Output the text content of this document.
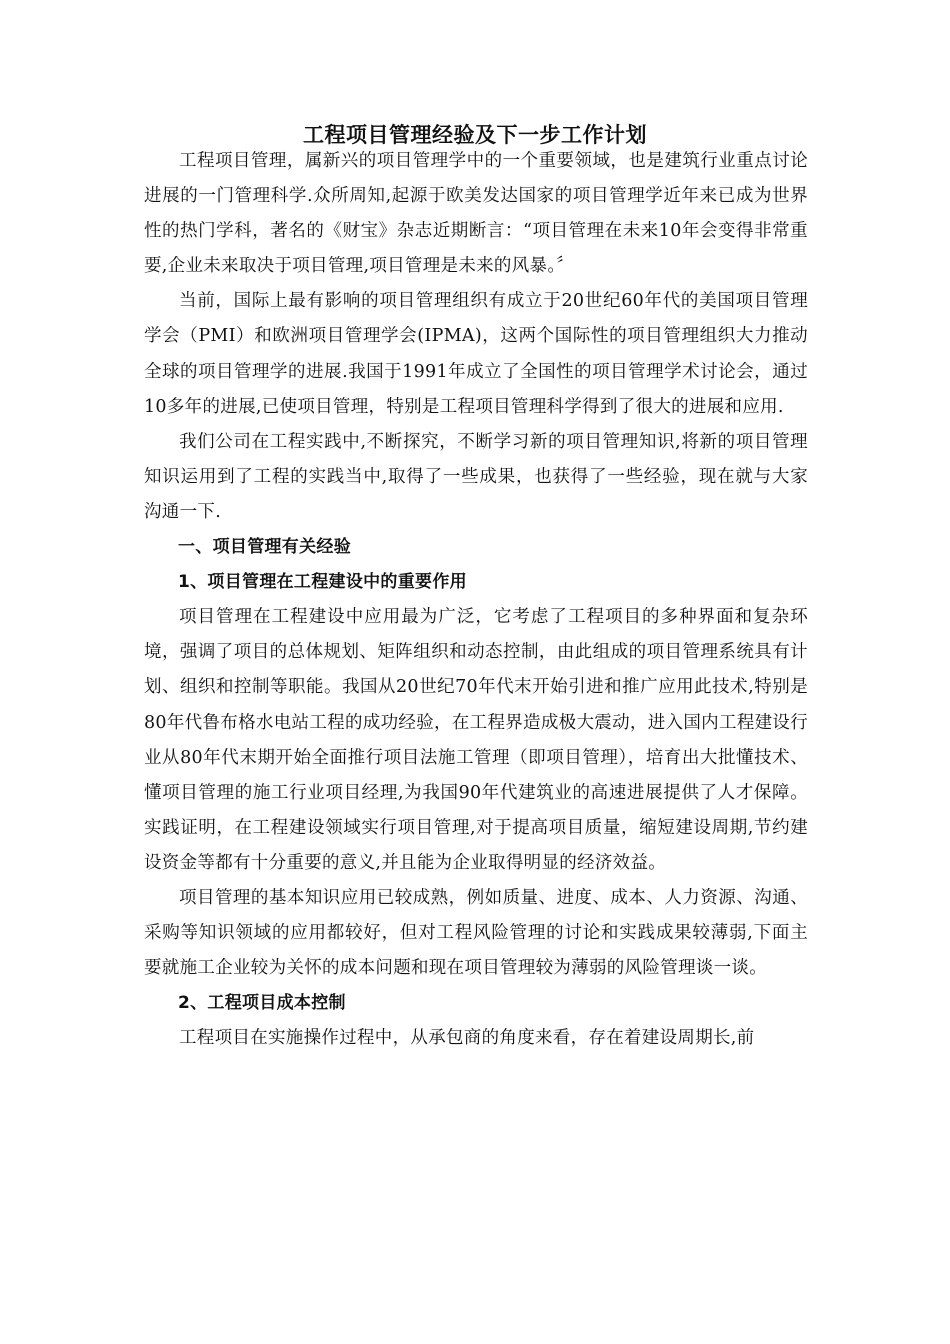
工程项目管理经验及下一步工作计划

工程项目管理，属新兴的项目管理学中的一个重要领域，也是建筑行业重点讨论进展的一门管理科学.众所周知,起源于欧美发达国家的项目管理学近年来已成为世界性的热门学科，著名的《财宝》杂志近期断言：“项目管理在未来10年会变得非常重要,企业未来取决于项目管理,项目管理是未来的风暴。〞

当前，国际上最有影响的项目管理组织有成立于20世纪60年代的美国项目管理学会（PMI）和欧洲项目管理学会(IPMA)，这两个国际性的项目管理组织大力推动全球的项目管理学的进展.我国于1991年成立了全国性的项目管理学术讨论会，通过10多年的进展,已使项目管理，特别是工程项目管理科学得到了很大的进展和应用.

我们公司在工程实践中,不断探究，不断学习新的项目管理知识,将新的项目管理知识运用到了工程的实践当中,取得了一些成果，也获得了一些经验，现在就与大家沟通一下.

一、项目管理有关经验

1、项目管理在工程建设中的重要作用

项目管理在工程建设中应用最为广泛，它考虑了工程项目的多种界面和复杂环境，强调了项目的总体规划、矩阵组织和动态控制，由此组成的项目管理系统具有计划、组织和控制等职能。我国从20世纪70年代末开始引进和推广应用此技术,特别是80年代鲁布格水电站工程的成功经验，在工程界造成极大震动，进入国内工程建设行业从80年代末期开始全面推行项目法施工管理（即项目管理），培育出大批懂技术、懂项目管理的施工行业项目经理,为我国90年代建筑业的高速进展提供了人才保障。实践证明，在工程建设领域实行项目管理,对于提高项目质量，缩短建设周期,节约建设资金等都有十分重要的意义,并且能为企业取得明显的经济效益。

项目管理的基本知识应用已较成熟，例如质量、进度、成本、人力资源、沟通、采购等知识领域的应用都较好，但对工程风险管理的讨论和实践成果较薄弱,下面主要就施工企业较为关怀的成本问题和现在项目管理较为薄弱的风险管理谈一谈。

2、工程项目成本控制

工程项目在实施操作过程中，从承包商的角度来看，存在着建设周期长,前
